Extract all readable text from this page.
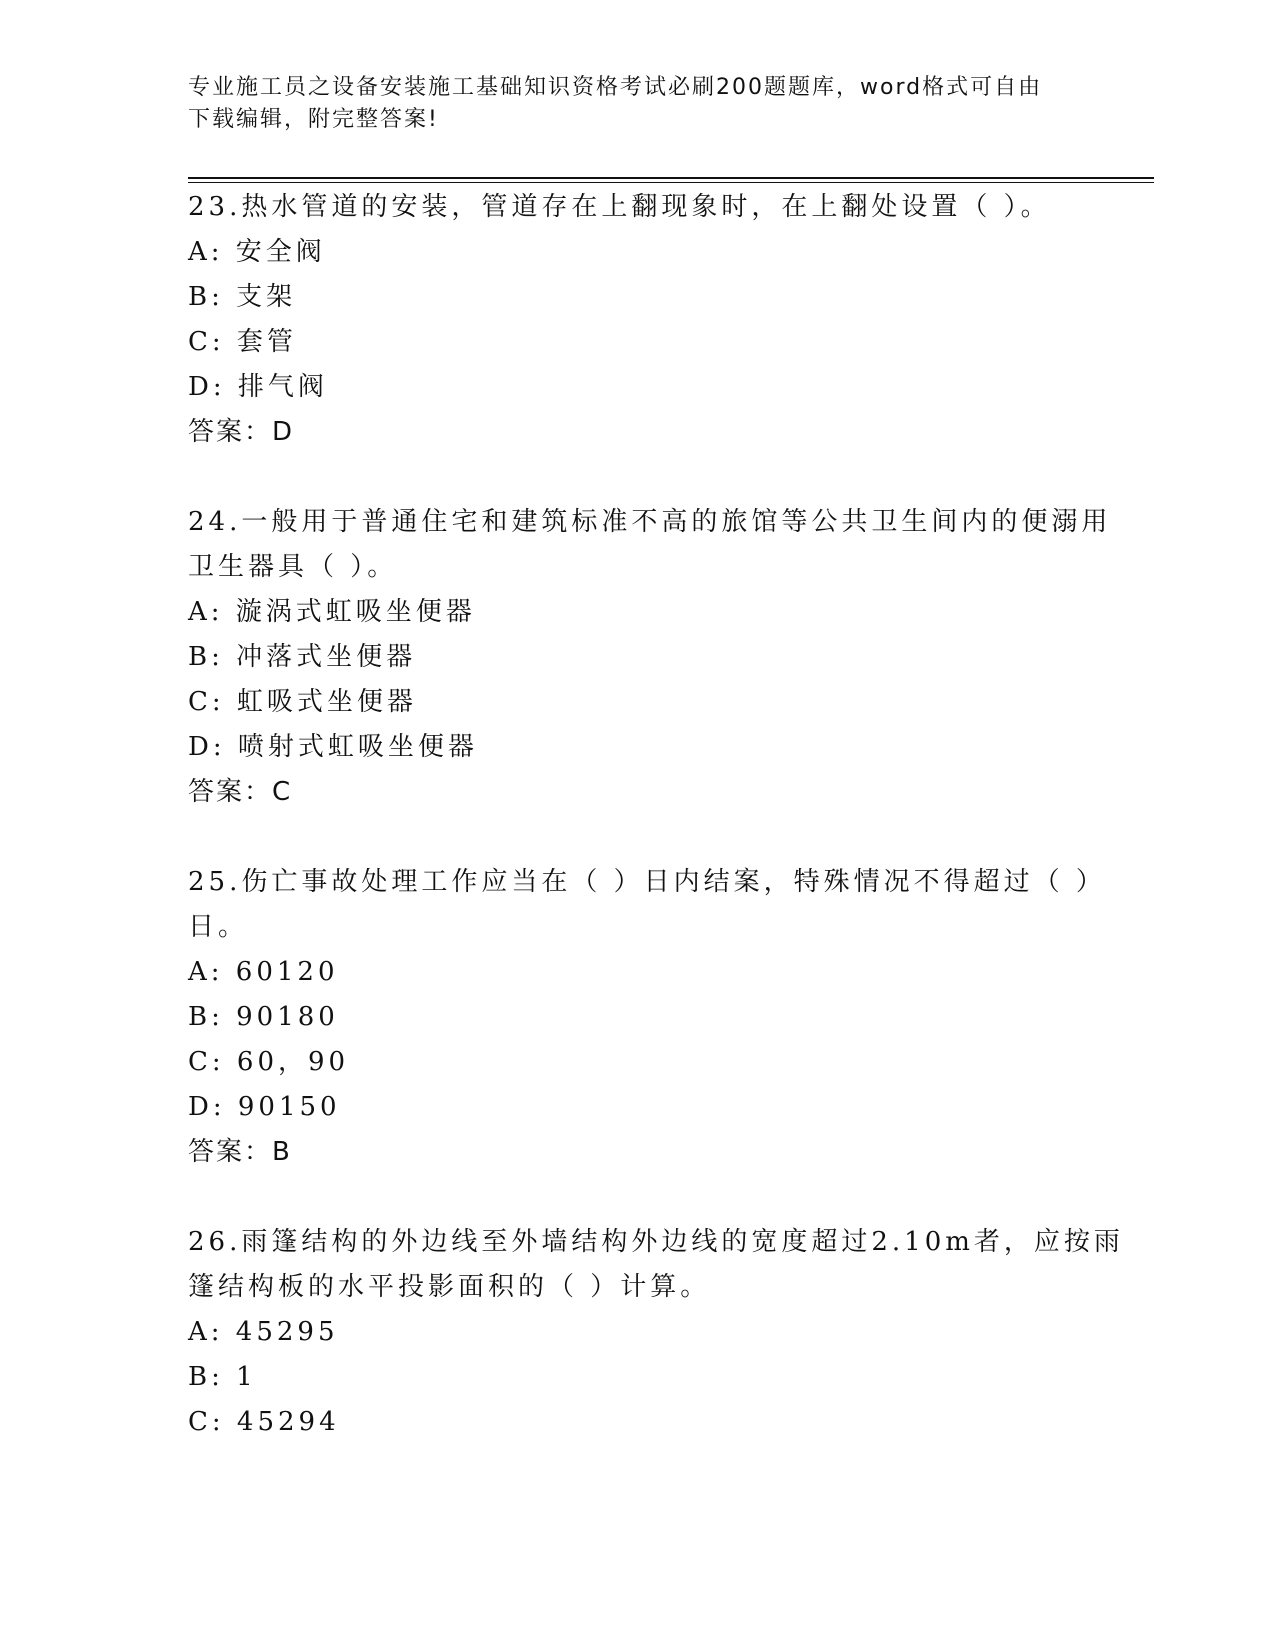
专业施工员之设备安装施工基础知识资格考试必刷200题题库，word格式可自由
下载编辑，附完整答案!
23.热水管道的安装，管道存在上翻现象时，在上翻处设置（ ）。
A: 安全阀
B: 支架
C: 套管
D: 排气阀
答案：D
24.一般用于普通住宅和建筑标准不高的旅馆等公共卫生间内的便溺用
卫生器具（ ）。
A: 漩涡式虹吸坐便器
B: 冲落式坐便器
C: 虹吸式坐便器
D: 喷射式虹吸坐便器
答案：C
25.伤亡事故处理工作应当在（ ）日内结案，特殊情况不得超过（ ）
日。
A: 60120
B: 90180
C: 60，90
D: 90150
答案：B
26.雨篷结构的外边线至外墙结构外边线的宽度超过2.10m者，应按雨
篷结构板的水平投影面积的（ ）计算。
A: 45295
B: 1
C: 45294
